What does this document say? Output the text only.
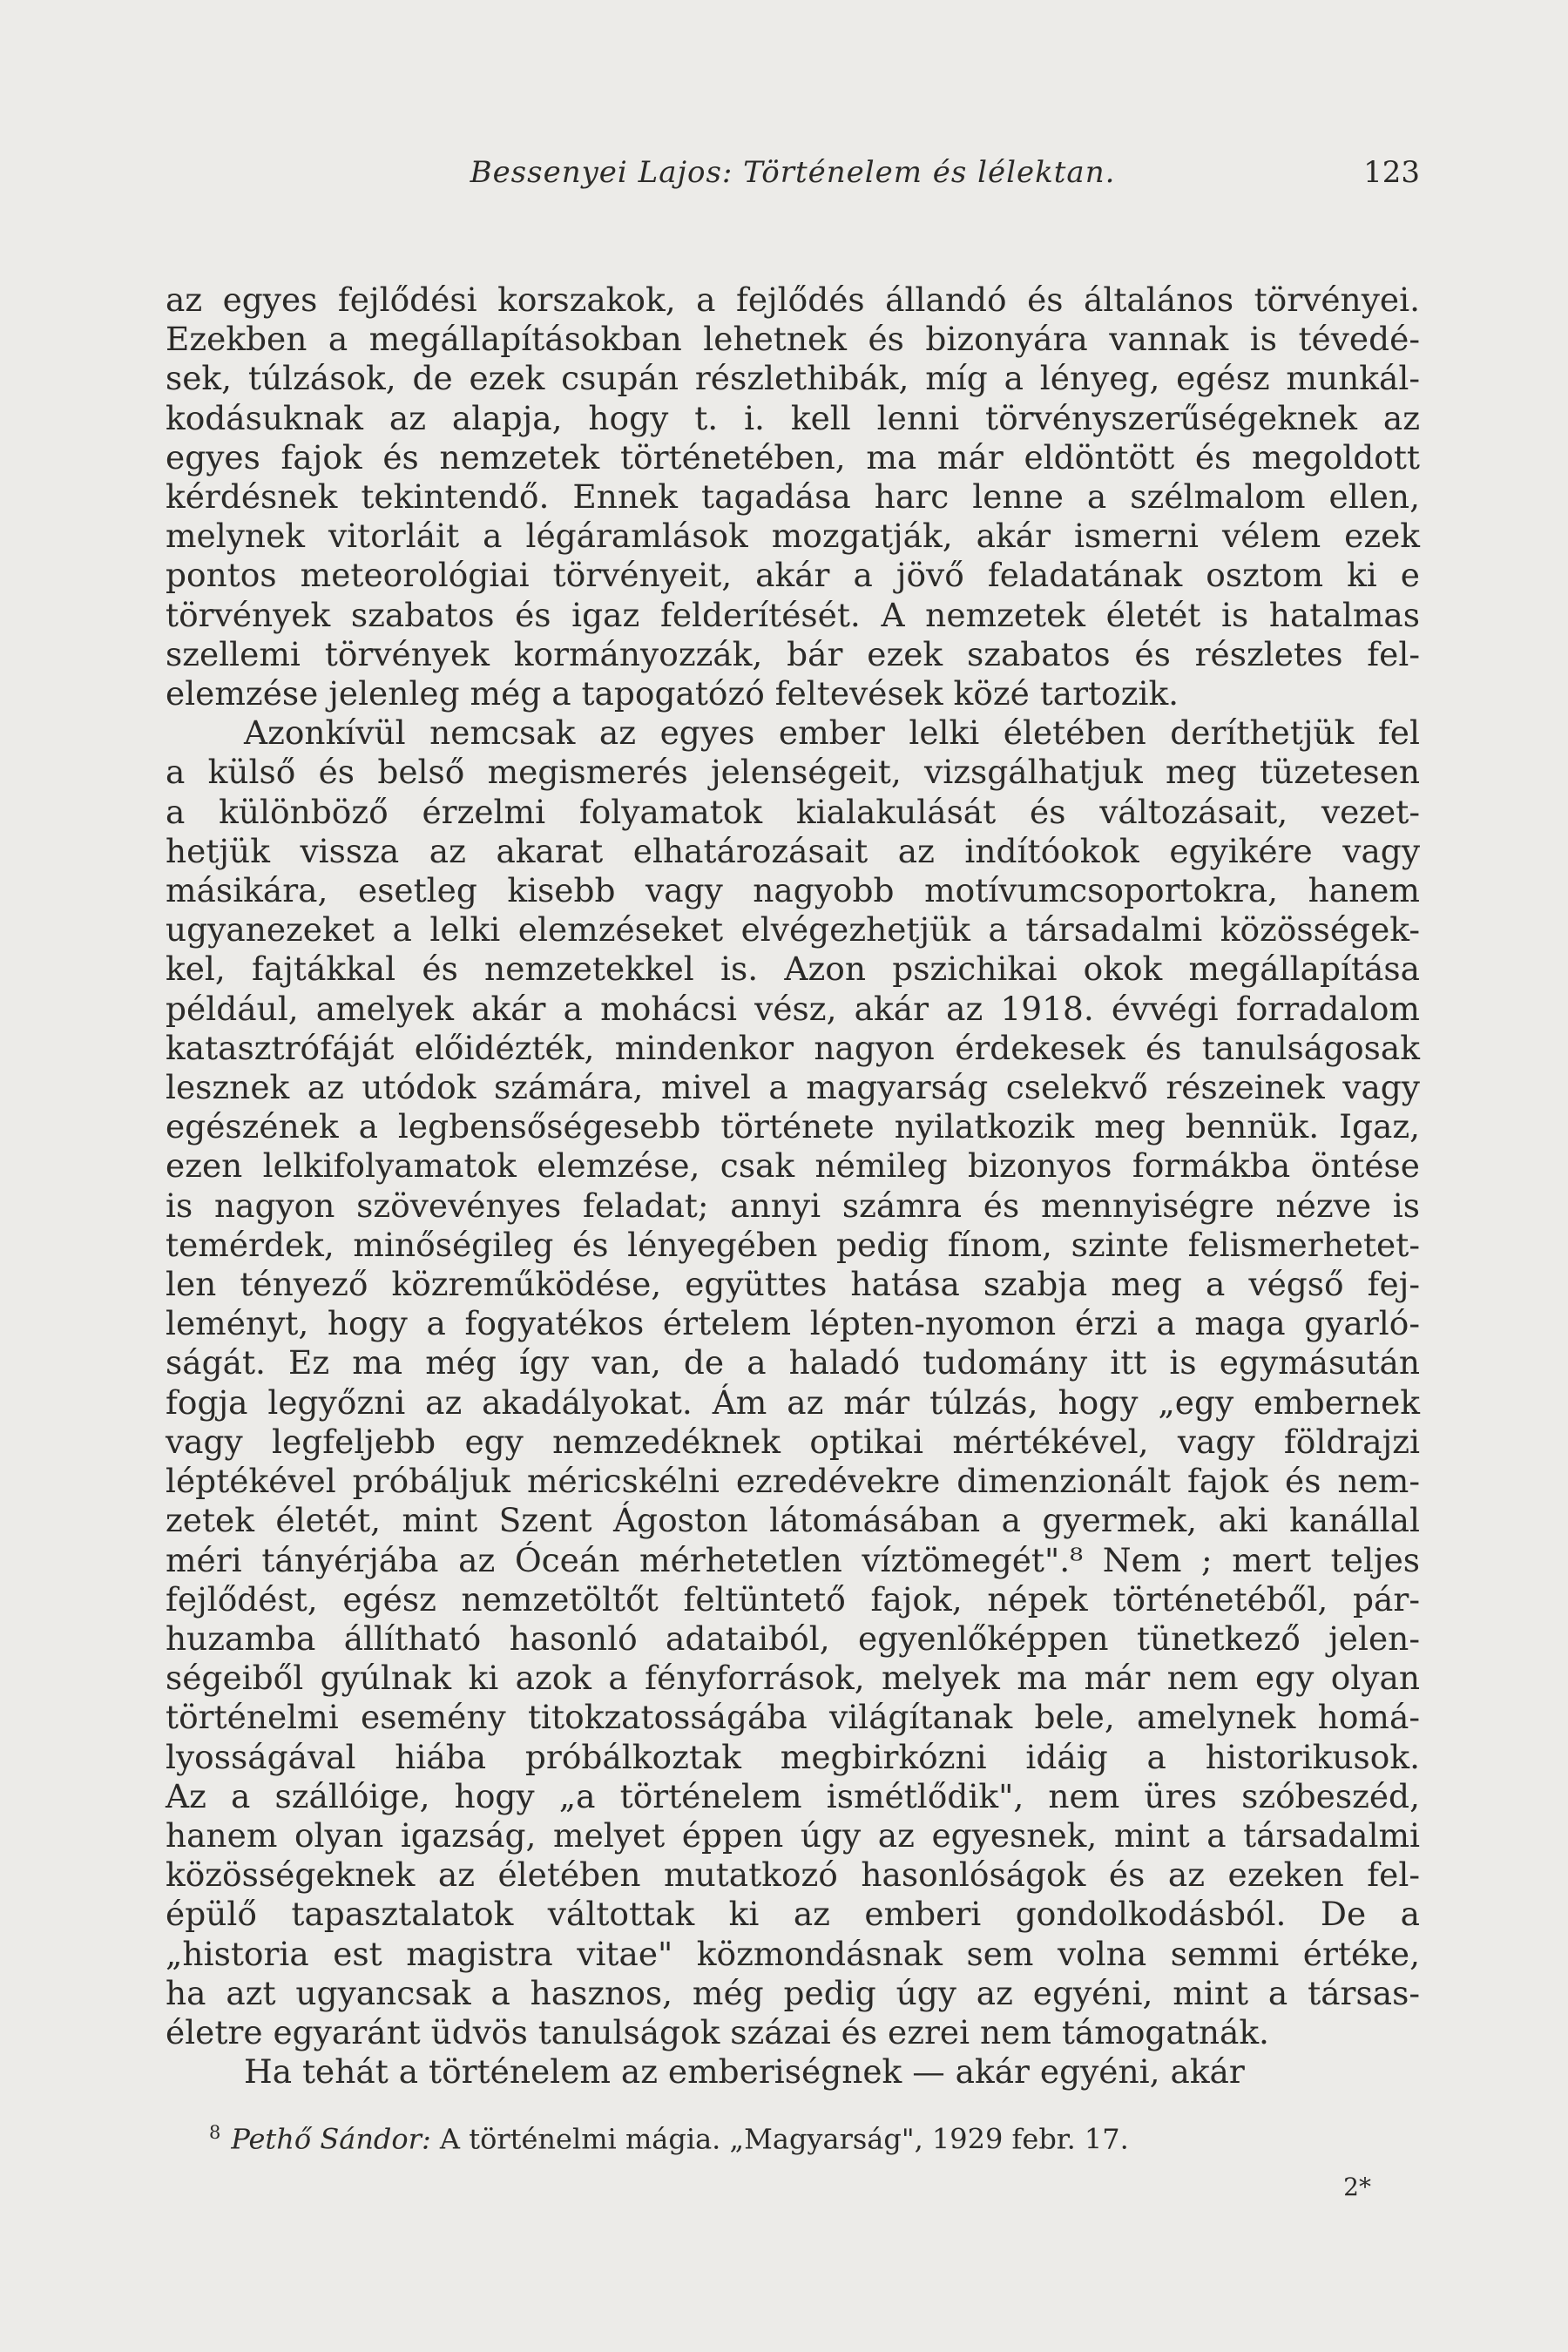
Bessenyei Lajos: Történelem és lélektan.	123
az egyes fejlődési korszakok, a fejlődés állandó és általános törvényei.
Ezekben a megállapításokban lehetnek és bizonyára vannak is tévedé-
sek, túlzások, de ezek csupán részlethibák, míg a lényeg, egész munkál-
kodásuknak az alapja, hogy t. i. kell lenni törvényszerűségeknek az
egyes fajok és nemzetek történetében, ma már eldöntött és megoldott
kérdésnek tekintendő. Ennek tagadása harc lenne a szélmalom ellen,
melynek vitorláit a légáramlások mozgatják, akár ismerni vélem ezek
pontos meteorológiai törvényeit, akár a jövő feladatának osztom ki e
törvények szabatos és igaz felderítését. A nemzetek életét is hatalmas
szellemi törvények kormányozzák, bár ezek szabatos és részletes fel-
elemzése jelenleg még a tapogatózó feltevések közé tartozik.
Azonkívül nemcsak az egyes ember lelki életében deríthetjük fel
a külső és belső megismerés jelenségeit, vizsgálhatjuk meg tüzetesen
a különböző érzelmi folyamatok kialakulását és változásait, vezet-
hetjük vissza az akarat elhatározásait az indítóokok egyikére vagy
másikára, esetleg kisebb vagy nagyobb motívumcsoportokra, hanem
ugyanezeket a lelki elemzéseket elvégezhetjük a társadalmi közösségek-
kel, fajtákkal és nemzetekkel is. Azon pszichikai okok megállapítása
például, amelyek akár a mohácsi vész, akár az 1918. évvégi forradalom
katasztrófáját előidézték, mindenkor nagyon érdekesek és tanulságosak
lesznek az utódok számára, mivel a magyarság cselekvő részeinek vagy
egészének a legbensőségesebb története nyilatkozik meg bennük. Igaz,
ezen lelkifolyamatok elemzése, csak némileg bizonyos formákba öntése
is nagyon szövevényes feladat; annyi számra és mennyiségre nézve is
temérdek, minőségileg és lényegében pedig fínom, szinte felismerhetet-
len tényező közreműködése, együttes hatása szabja meg a végső fej-
leményt, hogy a fogyatékos értelem lépten-nyomon érzi a maga gyarló-
ságát. Ez ma még így van, de a haladó tudomány itt is egymásután
fogja legyőzni az akadályokat. Ám az már túlzás, hogy „egy embernek
vagy legfeljebb egy nemzedéknek optikai mértékével, vagy földrajzi
léptékével próbáljuk méricskélni ezredévekre dimenzionált fajok és nem-
zetek életét, mint Szent Ágoston látomásában a gyermek, aki kanállal
méri tányérjába az Óceán mérhetetlen víztömegét".⁸ Nem ; mert teljes
fejlődést, egész nemzetöltőt feltüntető fajok, népek történetéből, pár-
huzamba állítható hasonló adataiból, egyenlőképpen tünetkező jelen-
ségeiből gyúlnak ki azok a fényforrások, melyek ma már nem egy olyan
történelmi esemény titokzatosságába világítanak bele, amelynek homá-
lyosságával hiába próbálkoztak megbirkózni idáig a historikusok.
Az a szállóige, hogy „a történelem ismétlődik", nem üres szóbeszéd,
hanem olyan igazság, melyet éppen úgy az egyesnek, mint a társadalmi
közösségeknek az életében mutatkozó hasonlóságok és az ezeken fel-
épülő tapasztalatok váltottak ki az emberi gondolkodásból. De a
„historia est magistra vitae" közmondásnak sem volna semmi értéke,
ha azt ugyancsak a hasznos, még pedig úgy az egyéni, mint a társas-
életre egyaránt üdvös tanulságok százai és ezrei nem támogatnák.
Ha tehát a történelem az emberiségnek — akár egyéni, akár
$^8$ Pethő Sándor: A történelmi mágia. „Magyarság", 1929 febr. 17.
2*
